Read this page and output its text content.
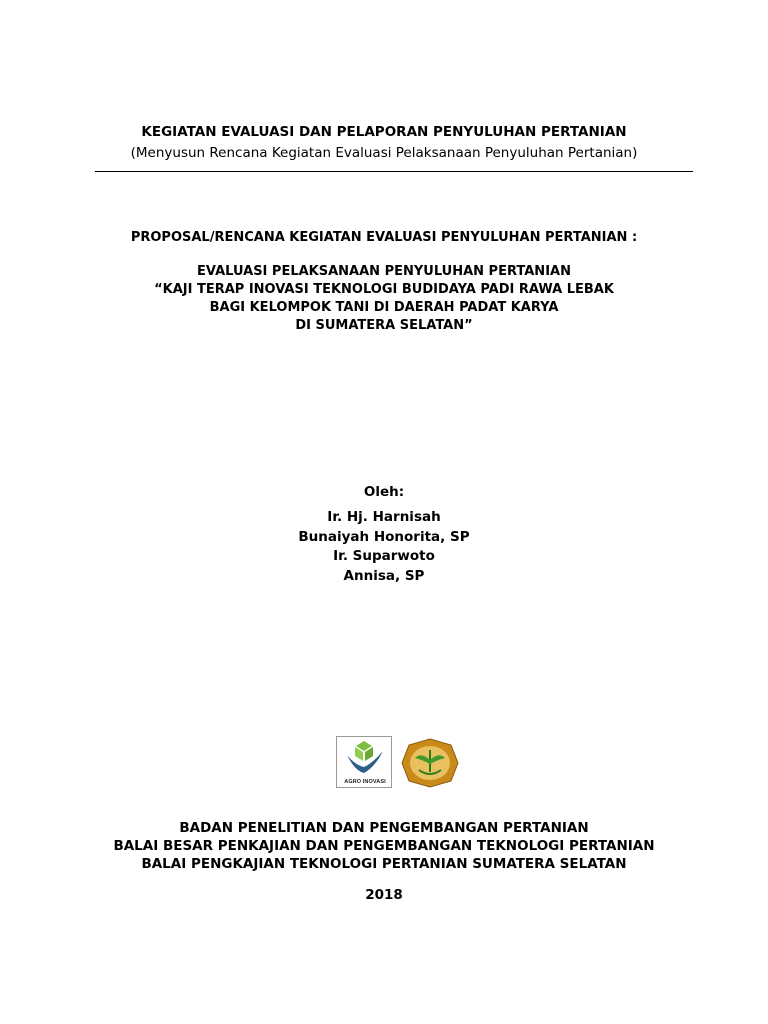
KEGIATAN EVALUASI DAN PELAPORAN PENYULUHAN PERTANIAN
(Menyusun Rencana Kegiatan Evaluasi Pelaksanaan Penyuluhan Pertanian)
PROPOSAL/RENCANA KEGIATAN EVALUASI PENYULUHAN PERTANIAN :
EVALUASI PELAKSANAAN PENYULUHAN PERTANIAN
“KAJI TERAP INOVASI TEKNOLOGI BUDIDAYA PADI RAWA LEBAK
BAGI KELOMPOK TANI DI DAERAH PADAT KARYA
DI SUMATERA SELATAN”
Oleh:
Ir. Hj. Harnisah
Bunaiyah Honorita, SP
Ir. Suparwoto
Annisa, SP
AGRO INOVASI
BADAN PENELITIAN DAN PENGEMBANGAN PERTANIAN
BALAI BESAR PENKAJIAN DAN PENGEMBANGAN TEKNOLOGI PERTANIAN
BALAI PENGKAJIAN TEKNOLOGI PERTANIAN SUMATERA SELATAN
2018
